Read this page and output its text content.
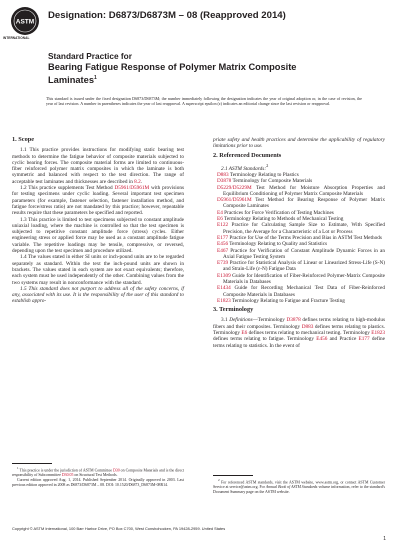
ASTM
INTERNATIONAL
Designation: D6873/D6873M – 08 (Reapproved 2014)
Standard Practice for
Bearing Fatigue Response of Polymer Matrix Composite
Laminates$^1$
This standard is issued under the fixed designation D6873/D6873M; the number immediately following the designation indicates the year of original adoption or, in the case of revision, the year of last revision. A number in parentheses indicates the year of last reapproval. A superscript epsilon (ε) indicates an editorial change since the last revision or reapproval.
1. Scope

1.1 This practice provides instructions for modifying static bearing test methods to determine the fatigue behavior of composite materials subjected to cyclic bearing forces. The composite material forms are limited to continuous-fiber reinforced polymer matrix composites in which the laminate is both symmetric and balanced with respect to the test direction. The range of acceptable test laminates and thicknesses are described in 8.2.

1.2 This practice supplements Test Method D5961/D5961M with provisions for testing specimens under cyclic loading. Several important test specimen parameters (for example, fastener selection, fastener installation method, and fatigue force/stress ratio) are not mandated by this practice; however, repeatable results require that these parameters be specified and reported.

1.3 This practice is limited to test specimens subjected to constant amplitude uniaxial loading, where the machine is controlled so that the test specimen is subjected to repetitive constant amplitude force (stress) cycles. Either engineering stress or applied force may be used as a constant amplitude fatigue variable. The repetitive loadings may be tensile, compressive, or reversed, depending upon the test specimen and procedure utilized.

1.4 The values stated in either SI units or inch-pound units are to be regarded separately as standard. Within the text the inch-pound units are shown in brackets. The values stated in each system are not exact equivalents; therefore, each system must be used independently of the other. Combining values from the two systems may result in nonconformance with the standard.

1.5 This standard does not purport to address all of the safety concerns, if any, associated with its use. It is the responsibility of the user of this standard to establish appro-

$^1$ This practice is under the jurisdiction of ASTM Committee D30 on Composite Materials and is the direct responsibility of Subcommittee D30.05 on Structural Test Methods.

Current edition approved Aug. 1, 2014. Published September 2014. Originally approved in 2003. Last previous edition approved in 2008 as D6873/D6873M – 08. DOI: 10.1520/D6873_D6873M-08R14.

priate safety and health practices and determine the applicability of regulatory limitations prior to use.

2. Referenced Documents

2.1 ASTM Standards:$^2$

D883 Terminology Relating to Plastics
D3878 Terminology for Composite Materials
D5229/D5229M Test Method for Moisture Absorption Properties and Equilibrium Conditioning of Polymer Matrix Composite Materials
D5961/D5961M Test Method for Bearing Response of Polymer Matrix Composite Laminates
E4 Practices for Force Verification of Testing Machines
E6 Terminology Relating to Methods of Mechanical Testing
E122 Practice for Calculating Sample Size to Estimate, With Specified Precision, the Average for a Characteristic of a Lot or Process
E177 Practice for Use of the Terms Precision and Bias in ASTM Test Methods
E456 Terminology Relating to Quality and Statistics
E467 Practice for Verification of Constant Amplitude Dynamic Forces in an Axial Fatigue Testing System
E739 Practice for Statistical Analysis of Linear or Linearized Stress-Life (S-N) and Strain-Life (ε-N) Fatigue Data
E1309 Guide for Identification of Fiber-Reinforced Polymer-Matrix Composite Materials in Databases
E1434 Guide for Recording Mechanical Test Data of Fiber-Reinforced Composite Materials in Databases
E1823 Terminology Relating to Fatigue and Fracture Testing
3. Terminology

3.1 Definitions—Terminology D3878 defines terms relating to high-modulus fibers and their composites. Terminology D883 defines terms relating to plastics. Terminology E6 defines terms relating to mechanical testing. Terminology E1823 defines terms relating to fatigue. Terminology E456 and Practice E177 define terms relating to statistics. In the event of

$^2$ For referenced ASTM standards, visit the ASTM website, www.astm.org, or contact ASTM Customer Service at service@astm.org. For Annual Book of ASTM Standards volume information, refer to the standard's Document Summary page on the ASTM website.

Copyright © ASTM International, 100 Barr Harbor Drive, PO Box C700, West Conshohocken, PA 19428-2959. United States
1
